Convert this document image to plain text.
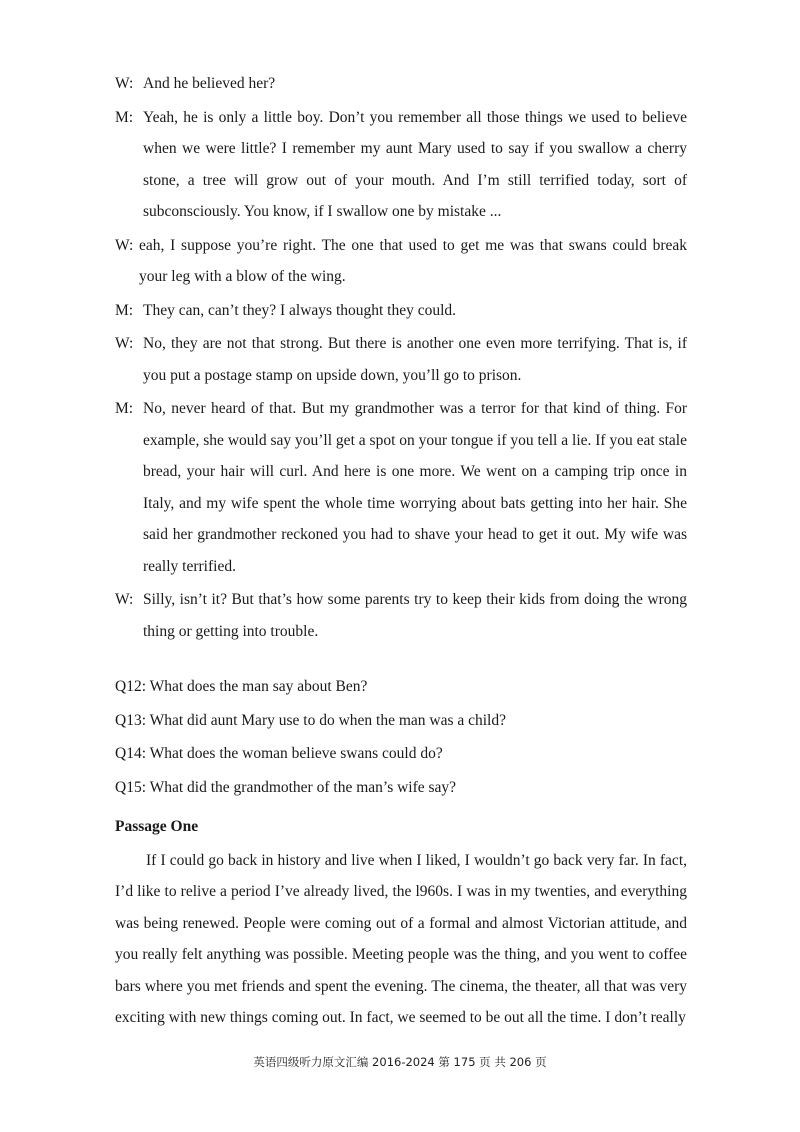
W: And he believed her?
M: Yeah, he is only a little boy. Don’t you remember all those things we used to believe when we were little? I remember my aunt Mary used to say if you swallow a cherry stone, a tree will grow out of your mouth. And I’m still terrified today, sort of subconsciously. You know, if I swallow one by mistake ...
W: eah, I suppose you’re right. The one that used to get me was that swans could break your leg with a blow of the wing.
M: They can, can’t they? I always thought they could.
W: No, they are not that strong. But there is another one even more terrifying. That is, if you put a postage stamp on upside down, you’ll go to prison.
M: No, never heard of that. But my grandmother was a terror for that kind of thing. For example, she would say you’ll get a spot on your tongue if you tell a lie. If you eat stale bread, your hair will curl. And here is one more. We went on a camping trip once in Italy, and my wife spent the whole time worrying about bats getting into her hair. She said her grandmother reckoned you had to shave your head to get it out. My wife was really terrified.
W: Silly, isn’t it? But that’s how some parents try to keep their kids from doing the wrong thing or getting into trouble.
Q12: What does the man say about Ben?
Q13: What did aunt Mary use to do when the man was a child?
Q14: What does the woman believe swans could do?
Q15: What did the grandmother of the man’s wife say?
Passage One

If I could go back in history and live when I liked, I wouldn’t go back very far. In fact, I’d like to relive a period I’ve already lived, the l960s. I was in my twenties, and everything was being renewed. People were coming out of a formal and almost Victorian attitude, and you really felt anything was possible. Meeting people was the thing, and you went to coffee bars where you met friends and spent the evening. The cinema, the theater, all that was very exciting with new things coming out. In fact, we seemed to be out all the time. I don’t really

英语四级听力原文汇编 2016-2024 第 175 页 共 206 页
